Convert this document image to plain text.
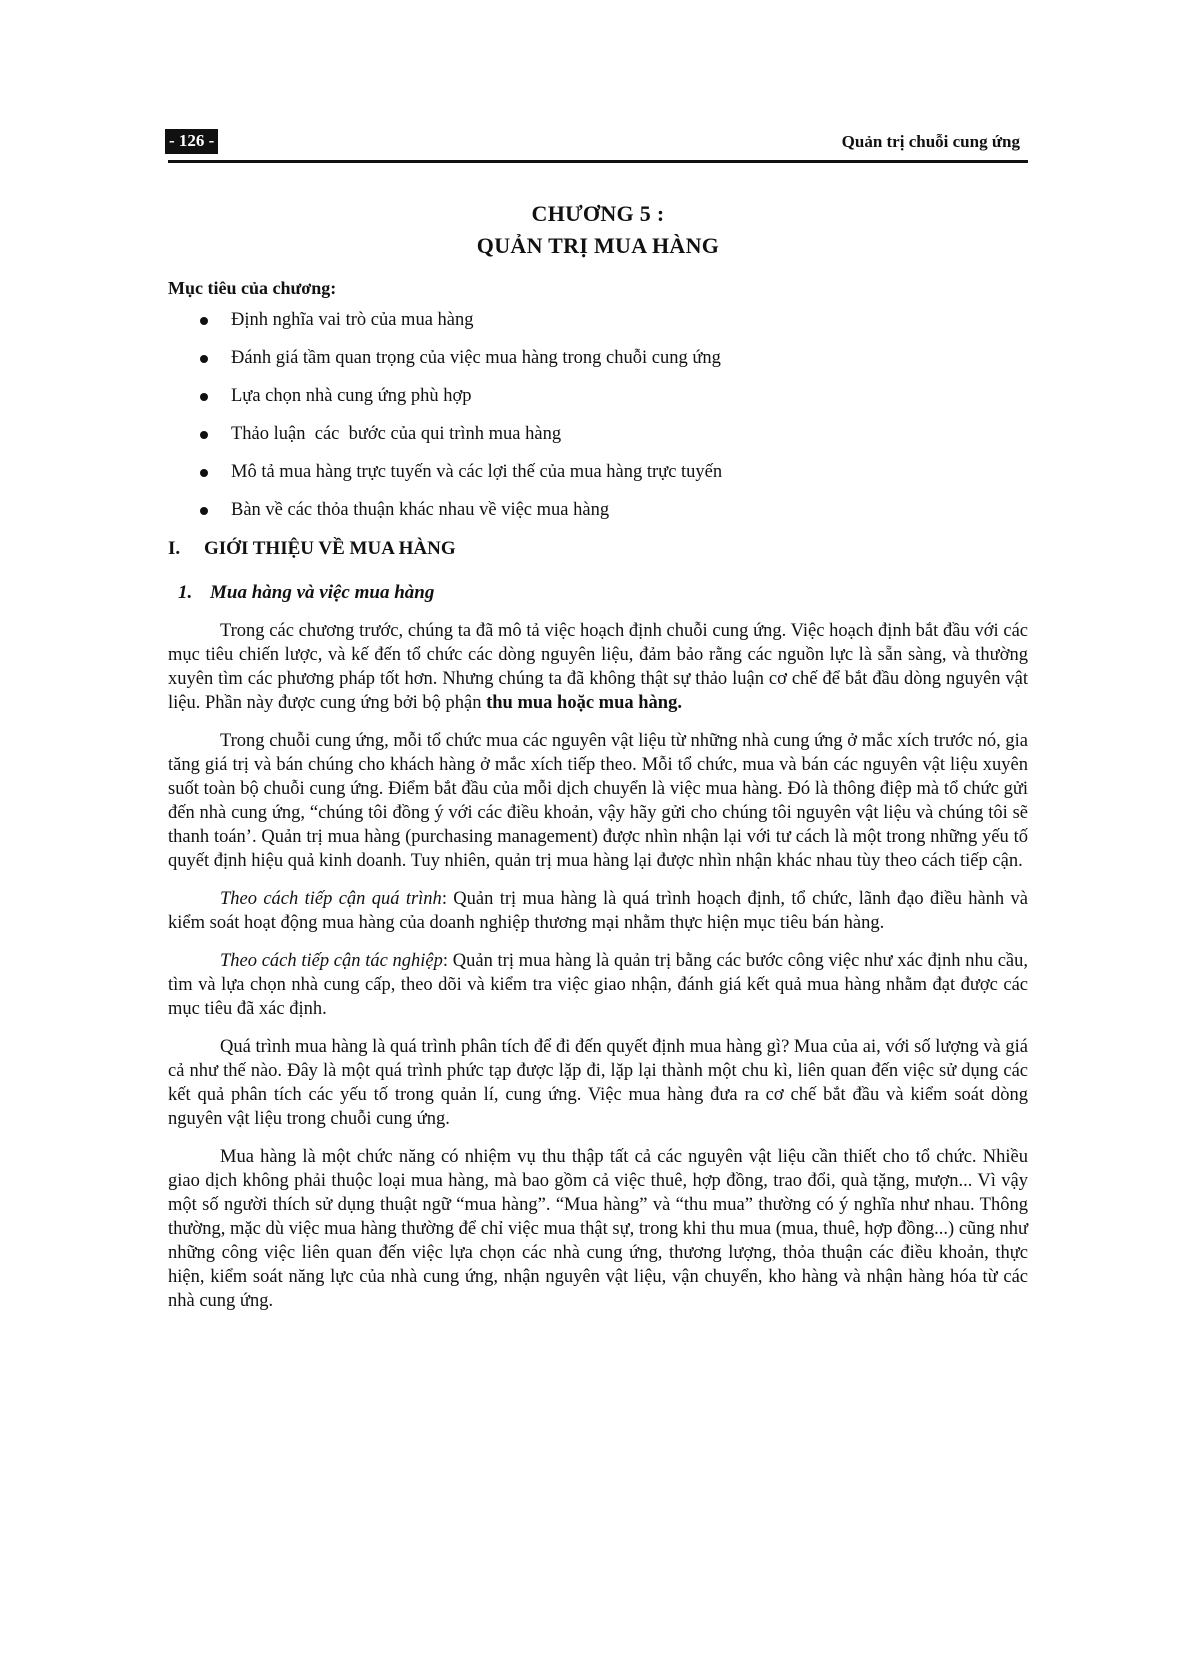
- 126 -	Quản trị chuỗi cung ứng
CHƯƠNG 5 :
QUẢN TRỊ MUA HÀNG
Mục tiêu của chương:
Định nghĩa vai trò của mua hàng
Đánh giá tầm quan trọng của việc mua hàng trong chuỗi cung ứng
Lựa chọn nhà cung ứng phù hợp
Thảo luận  các  bước của qui trình mua hàng
Mô tả mua hàng trực tuyến và các lợi thế của mua hàng trực tuyến
Bàn về các thỏa thuận khác nhau về việc mua hàng
I. GIỚI THIỆU VỀ MUA HÀNG
1. Mua hàng và việc mua hàng

Trong các chương trước, chúng ta đã mô tả việc hoạch định chuỗi cung ứng. Việc hoạch định bắt đầu với các mục tiêu chiến lược, và kế đến tổ chức các dòng nguyên liệu, đảm bảo rằng các nguồn lực là sẵn sàng, và thường xuyên tìm các phương pháp tốt hơn. Nhưng chúng ta đã không thật sự thảo luận cơ chế để bắt đầu dòng nguyên vật liệu. Phần này được cung ứng bởi bộ phận thu mua hoặc mua hàng.

Trong chuỗi cung ứng, mỗi tổ chức mua các nguyên vật liệu từ những nhà cung ứng ở mắc xích trước nó, gia tăng giá trị và bán chúng cho khách hàng ở mắc xích tiếp theo. Mỗi tổ chức, mua và bán các nguyên vật liệu xuyên suốt toàn bộ chuỗi cung ứng. Điểm bắt đầu của mỗi dịch chuyển là việc mua hàng. Đó là thông điệp mà tổ chức gửi đến nhà cung ứng, “chúng tôi đồng ý với các điều khoản, vậy hãy gửi cho chúng tôi nguyên vật liệu và chúng tôi sẽ thanh toán’. Quản trị mua hàng (purchasing management) được nhìn nhận lại với tư cách là một trong những yếu tố quyết định hiệu quả kinh doanh. Tuy nhiên, quản trị mua hàng lại được nhìn nhận khác nhau tùy theo cách tiếp cận.

Theo cách tiếp cận quá trình: Quản trị mua hàng là quá trình hoạch định, tổ chức, lãnh đạo điều hành và kiểm soát hoạt động mua hàng của doanh nghiệp thương mại nhằm thực hiện mục tiêu bán hàng.

Theo cách tiếp cận tác nghiệp: Quản trị mua hàng là quản trị bằng các bước công việc như xác định nhu cầu, tìm và lựa chọn nhà cung cấp, theo dõi và kiểm tra việc giao nhận, đánh giá kết quả mua hàng nhằm đạt được các mục tiêu đã xác định.

Quá trình mua hàng là quá trình phân tích để đi đến quyết định mua hàng gì? Mua của ai, với số lượng và giá cả như thế nào. Đây là một quá trình phức tạp được lặp đi, lặp lại thành một chu kì, liên quan đến việc sử dụng các kết quả phân tích các yếu tố trong quản lí, cung ứng. Việc mua hàng đưa ra cơ chế bắt đầu và kiểm soát dòng nguyên vật liệu trong chuỗi cung ứng.

Mua hàng là một chức năng có nhiệm vụ thu thập tất cả các nguyên vật liệu cần thiết cho tổ chức. Nhiều giao dịch không phải thuộc loại mua hàng, mà bao gồm cả việc thuê, hợp đồng, trao đổi, quà tặng, mượn... Vì vậy một số người thích sử dụng thuật ngữ “mua hàng”. “Mua hàng” và “thu mua” thường có ý nghĩa như nhau. Thông thường, mặc dù việc mua hàng thường để chỉ việc mua thật sự, trong khi thu mua (mua, thuê, hợp đồng...) cũng như những công việc liên quan đến việc lựa chọn các nhà cung ứng, thương lượng, thỏa thuận các điều khoản, thực hiện, kiểm soát năng lực của nhà cung ứng, nhận nguyên vật liệu, vận chuyển, kho hàng và nhận hàng hóa từ các nhà cung ứng.
